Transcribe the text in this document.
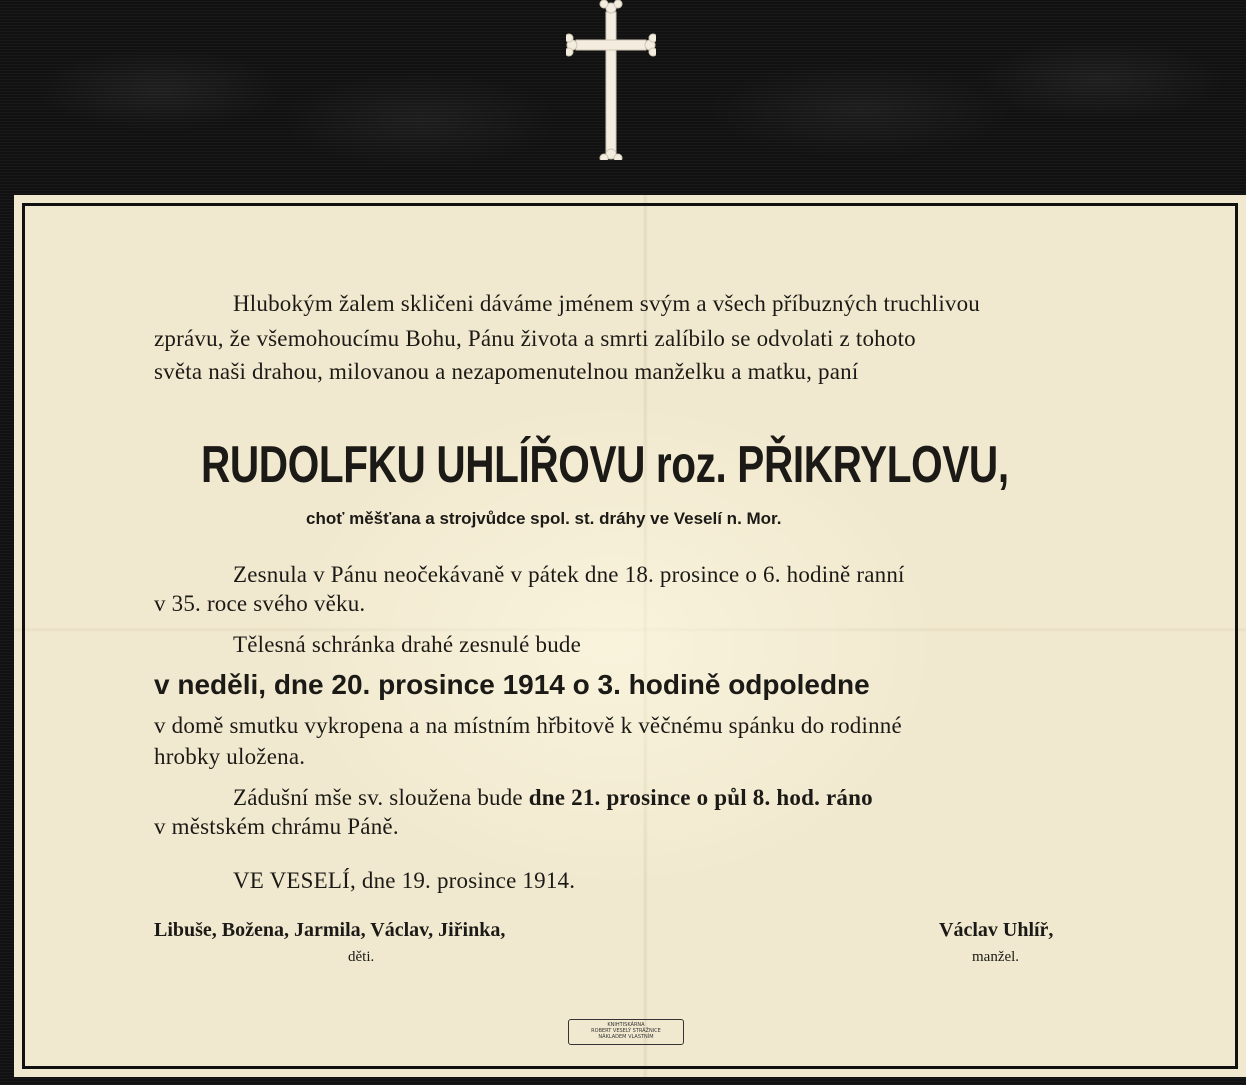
Hlubokým žalem skličeni dáváme jménem svým a všech příbuzných truchlivou
zprávu, že všemohoucímu Bohu, Pánu života a smrti zalíbilo se odvolati z tohoto
světa naši drahou, milovanou a nezapomenutelnou manželku a matku, paní
RUDOLFKU UHLÍŘOVU roz. PŘIKRYLOVU,
choť měšťana a strojvůdce spol. st. dráhy ve Veselí n. Mor.
Zesnula v Pánu neočekávaně v pátek dne 18. prosince o 6. hodině ranní
v 35. roce svého věku.
Tělesná schránka drahé zesnulé bude
v neděli, dne 20. prosince 1914 o 3. hodině odpoledne
v domě smutku vykropena a na místním hřbitově k věčnému spánku do rodinné
hrobky uložena.
Zádušní mše sv. sloužena bude dne 21. prosince o půl 8. hod. ráno
v městském chrámu Páně.
VE VESELÍ, dne 19. prosince 1914.
Libuše, Božena, Jarmila, Václav, Jiřinka,
děti.
Václav Uhlíř,
manžel.
KNIHTISKÁRNA
ROBERT VESELÝ STRÁŽNICE
NÁKLADEM VLASTNÍM
